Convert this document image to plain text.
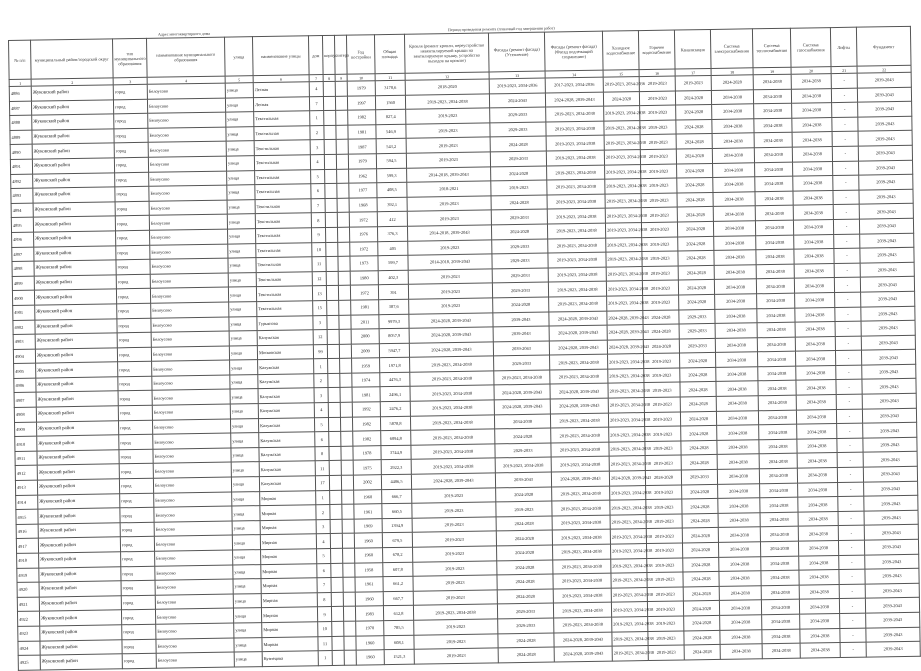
Адрес многоквартирного дома
Период проведения ремонта (плановый год завершения работ)
№ п/п	муниципальный район/городской округ	тип муниципального образования	наименование муниципального образования	улица	наименование улицы	дом	корпус	литера	Год постройки	Общая площадь	Кровля (ремонт кровли, переустройство невентилируемой крыши на вентилируемую крышу, устройство выходов на кровлю)	Фасады (ремонт фасада) (Утепление)	Фасады (ремонт фасада) (Фасад подлежащий сохранению)	Холодное водоснабжение	Горячее водоснабжение	Канализация	Система электроснабжения	Система теплоснабжения	Система газоснабжения	Лифты	Фундамент
1	2	3	4	5	6	7	8	9	10	11	12	13	14	15	16	17	18	19	20	21	22
4886	Жуковский район	город	Белоусово	улица	Лесная	4			1979	3170,6	2018-2020	2019-2023, 2034-2036	2017-2023, 2034-2036	2019-2023, 2034-2036	2019-2023	2019-2023	2024-2028	2034-2038	2034-2038	-	2039-2043
4887	Жуковский район	город	Белоусово	улица	Лесная	7			1997	1560	2019-2023, 2034-2038	2024-2043	2024-2028, 2039-2043	2024-2028	2019-2023	2024-2028	2034-2038	2034-2038	2034-2038	-	2039-2043
4888	Жуковский район	город	Белоусово	улица	Текстильная	1			1982	827,4	2019-2023	2029-2033	2019-2023, 2034-2038	2019-2023, 2034-2038	2019-2023	2024-2028	2034-2038	2034-2038	2034-2038	-	2039-2043
4889	Жуковский район	город	Белоусово	улица	Текстильная	2			1981	546,9	2019-2023	2029-2033	2019-2023, 2034-2038	2019-2023, 2034-2038	2019-2023	2024-2028	2034-2038	2034-2038	2034-2038	-	2039-2043
4890	Жуковский район	город	Белоусово	улица	Текстильная	3			1987	543,2	2019-2023	2024-2028	2019-2023, 2034-2038	2019-2023, 2034-2038	2019-2023	2024-2028	2034-2038	2034-2038	2034-2038	-	2039-2043
4891	Жуковский район	город	Белоусово	улица	Текстильная	4			1979	594,5	2019-2023	2029-2033	2019-2023, 2034-2038	2019-2023, 2034-2038	2019-2023	2024-2028	2034-2038	2034-2038	2034-2038	-	2039-2043
4892	Жуковский район	город	Белоусово	улица	Текстильная	5			1962	599,3	2014-2018, 2039-2043	2024-2028	2019-2023, 2034-2038	2019-2023, 2034-2038	2019-2023	2024-2028	2034-2038	2034-2038	2034-2038	-	2039-2043
4893	Жуковский район	город	Белоусово	улица	Текстильная	6			1977	408,5	2018-2021	2019-2023	2019-2023, 2034-2038	2019-2023, 2034-2038	2019-2023	2024-2028	2034-2038	2034-2038	2034-2038	-	2039-2043
4894	Жуковский район	город	Белоусово	улица	Текстильная	7			1968	392,1	2019-2023	2024-2028	2019-2023, 2034-2038	2019-2023, 2034-2038	2019-2023	2024-2028	2034-2038	2034-2038	2034-2038	-	2039-2043
4895	Жуковский район	город	Белоусово	улица	Текстильная	8			1972	412	2019-2023	2029-2033	2019-2023, 2034-2038	2019-2023, 2034-2038	2019-2023	2024-2028	2034-2038	2034-2038	2034-2038	-	2039-2043
4896	Жуковский район	город	Белоусово	улица	Текстильная	9			1976	376,3	2014-2018, 2039-2043	2024-2028	2019-2023, 2034-2038	2019-2023, 2034-2038	2019-2023	2024-2028	2034-2038	2034-2038	2034-2038	-	2039-2043
4897	Жуковский район	город	Белоусово	улица	Текстильная	10			1972	405	2019-2023	2029-2033	2019-2023, 2034-2038	2019-2023, 2034-2038	2019-2023	2024-2028	2034-2038	2034-2038	2034-2038	-	2039-2043
4898	Жуковский район	город	Белоусово	улица	Текстильная	11			1973	599,7	2014-2018, 2039-2043	2029-2033	2019-2023, 2034-2038	2019-2023, 2034-2038	2019-2023	2024-2028	2034-2038	2034-2038	2034-2038	-	2039-2043
4899	Жуковский район	город	Белоусово	улица	Текстильная	12			1980	402,3	2019-2023	2029-2033	2019-2023, 2034-2038	2019-2023, 2034-2038	2019-2023	2024-2028	2034-2038	2034-2038	2034-2038	-	2039-2043
4900	Жуковский район	город	Белоусово	улица	Текстильная	13			1972	391	2019-2023	2029-2033	2019-2023, 2034-2038	2019-2023, 2034-2038	2019-2023	2024-2028	2034-2038	2034-2038	2034-2038	-	2039-2043
4901	Жуковский район	город	Белоусово	улица	Текстильная	15			1981	387,6	2019-2023	2024-2028	2019-2023, 2034-2038	2019-2023, 2034-2038	2019-2023	2024-2028	2034-2038	2034-2038	2034-2038	-	2039-2043
4902	Жуковский район	город	Белоусово	улица	Гурьянова	3			2011	9979,3	2024-2028, 2039-2043	2039-2043	2024-2028, 2039-2043	2024-2028, 2039-2043	2024-2028	2029-2033	2034-2038	2034-2038	2034-2038	-	2039-2043
4903	Жуковский район	город	Белоусово	улица	Калужская	12			2000	8057,9	2024-2028, 2039-2043	2039-2043	2024-2028, 2039-2043	2024-2028, 2039-2043	2024-2028	2029-2033	2034-2038	2034-2038	2034-2038	-	2039-2043
4904	Жуковский район	город	Белоусово	улица	Московская	99			2009	5947,7	2024-2028, 2039-2043	2039-2043	2024-2028, 2039-2043	2024-2028, 2039-2043	2024-2028	2029-2033	2034-2038	2034-2038	2034-2038	-	2039-2043
4905	Жуковский район	город	Белоусово	улица	Калужская	1			1959	1971,8	2019-2023, 2034-2038	2029-2033	2019-2023, 2034-2038	2019-2023, 2034-2038	2019-2023	2024-2028	2034-2038	2034-2038	2034-2038	-	2039-2043
4906	Жуковский район	город	Белоусово	улица	Калужская	2			1974	4476,3	2019-2023, 2034-2038	2019-2023, 2034-2038	2019-2023, 2034-2038	2019-2023, 2034-2038	2019-2023	2024-2028	2034-2038	2034-2038	2034-2038	-	2039-2043
4907	Жуковский район	город	Белоусово	улица	Калужская	3			1981	2496,1	2019-2023, 2034-2038	2024-2028, 2039-2043	2024-2028, 2039-2043	2019-2023, 2034-2038	2019-2023	2024-2028	2034-2038	2034-2038	2034-2038	-	2039-2043
4908	Жуковский район	город	Белоусово	улица	Калужская	4			1992	2476,2	2019-2023, 2034-2038	2024-2028, 2039-2043	2024-2028, 2039-2043	2019-2023, 2034-2038	2019-2023	2024-2028	2034-2038	2034-2038	2034-2038	-	2039-2043
4909	Жуковский район	город	Белоусово	улица	Калужская	5			1982	5878,8	2019-2023, 2034-2038	2034-2038	2019-2023, 2034-2038	2019-2023, 2034-2038	2019-2023	2024-2028	2034-2038	2034-2038	2034-2038	-	2039-2043
4910	Жуковский район	город	Белоусово	улица	Калужская	6			1982	6094,8	2019-2023, 2034-2038	2024-2028	2019-2023, 2034-2038	2019-2023, 2034-2038	2019-2023	2024-2028	2034-2038	2034-2038	2034-2038	-	2039-2043
4911	Жуковский район	город	Белоусово	улица	Калужская	8			1978	3744,9	2019-2023, 2034-2038	2029-2033	2019-2023, 2034-2038	2019-2023, 2034-2038	2019-2023	2024-2028	2034-2038	2034-2038	2034-2038	-	2039-2043
4912	Жуковский район	город	Белоусово	улица	Калужская	11			1975	2922,3	2019-2023, 2034-2038	2019-2023, 2034-2038	2019-2023, 2034-2038	2019-2023, 2034-2038	2019-2023	2024-2028	2034-2038	2034-2038	2034-2038	-	2039-2043
4913	Жуковский район	город	Белоусово	улица	Калужская	17			2002	4406,5	2024-2028, 2039-2043	2039-2043	2024-2028, 2039-2043	2024-2028, 2039-2043	2024-2028	2029-2033	2034-2038	2034-2038	2034-2038	-	2039-2043
4914	Жуковский район	город	Белоусово	улица	Мирная	1			1960	666,7	2019-2023	2024-2028	2019-2023, 2034-2038	2019-2023, 2034-2038	2019-2023	2024-2028	2034-2038	2034-2038	2034-2038	-	2039-2043
4915	Жуковский район	город	Белоусово	улица	Мирная	2			1961	660,5	2019-2023	2019-2023	2019-2023, 2034-2038	2019-2023, 2034-2038	2019-2023	2024-2028	2034-2038	2034-2038	2034-2038	-	2039-2043
4916	Жуковский район	город	Белоусово	улица	Мирная	3			1969	1394,9	2019-2023	2024-2028	2019-2023, 2034-2038	2019-2023, 2034-2038	2019-2023	2024-2028	2034-2038	2034-2038	2034-2038	-	2039-2043
4917	Жуковский район	город	Белоусово	улица	Мирная	4			1960	679,5	2019-2023	2024-2028	2019-2023, 2034-2038	2019-2023, 2034-2038	2019-2023	2024-2028	2034-2038	2034-2038	2034-2038	-	2039-2043
4918	Жуковский район	город	Белоусово	улица	Мирная	5			1960	678,2	2019-2023	2024-2028	2019-2023, 2034-2038	2019-2023, 2034-2038	2019-2023	2024-2028	2034-2038	2034-2038	2034-2038	-	2039-2043
4919	Жуковский район	город	Белоусово	улица	Мирная	6			1958	607,8	2019-2023	2024-2028	2019-2023, 2034-2038	2019-2023, 2034-2038	2019-2023	2024-2028	2034-2038	2034-2038	2034-2038	-	2039-2043
4920	Жуковский район	город	Белоусово	улица	Мирная	7			1961	661,2	2019-2023	2024-2028	2019-2023, 2034-2038	2019-2023, 2034-2038	2019-2023	2024-2028	2034-2038	2034-2038	2034-2038	-	2039-2043
4921	Жуковский район	город	Белоусово	улица	Мирная	8			1960	667,7	2019-2023	2024-2028	2019-2023, 2034-2038	2019-2023, 2034-2038	2019-2023	2024-2028	2034-2038	2034-2038	2034-2038	-	2039-2043
4922	Жуковский район	город	Белоусово	улица	Мирная	9			1983	612,8	2019-2023, 2034-2038	2029-2033	2019-2023, 2034-2038	2019-2023, 2034-2038	2019-2023	2024-2028	2034-2038	2034-2038	2034-2038	-	2039-2043
4923	Жуковский район	город	Белоусово	улица	Мирная	10			1970	785,5	2019-2023	2029-2033	2019-2023, 2034-2038	2019-2023, 2034-2038	2019-2023	2024-2028	2034-2038	2034-2038	2034-2038	-	2039-2043
4924	Жуковский район	город	Белоусово	улица	Мирная	11			1960	608,1	2019-2023	2024-2028	2024-2028, 2039-2043	2019-2023, 2034-2038	2019-2023	2024-2028	2034-2038	2034-2038	2034-2038	-	2039-2043
4925	Жуковский район	город	Белоусово	улица	Кузнецова	1			1960	1521,3	2019-2023	2024-2028	2024-2028, 2039-2043	2019-2023, 2034-2038	2019-2023	2024-2028	2034-2038	2034-2038	2034-2038	-	2039-2043
